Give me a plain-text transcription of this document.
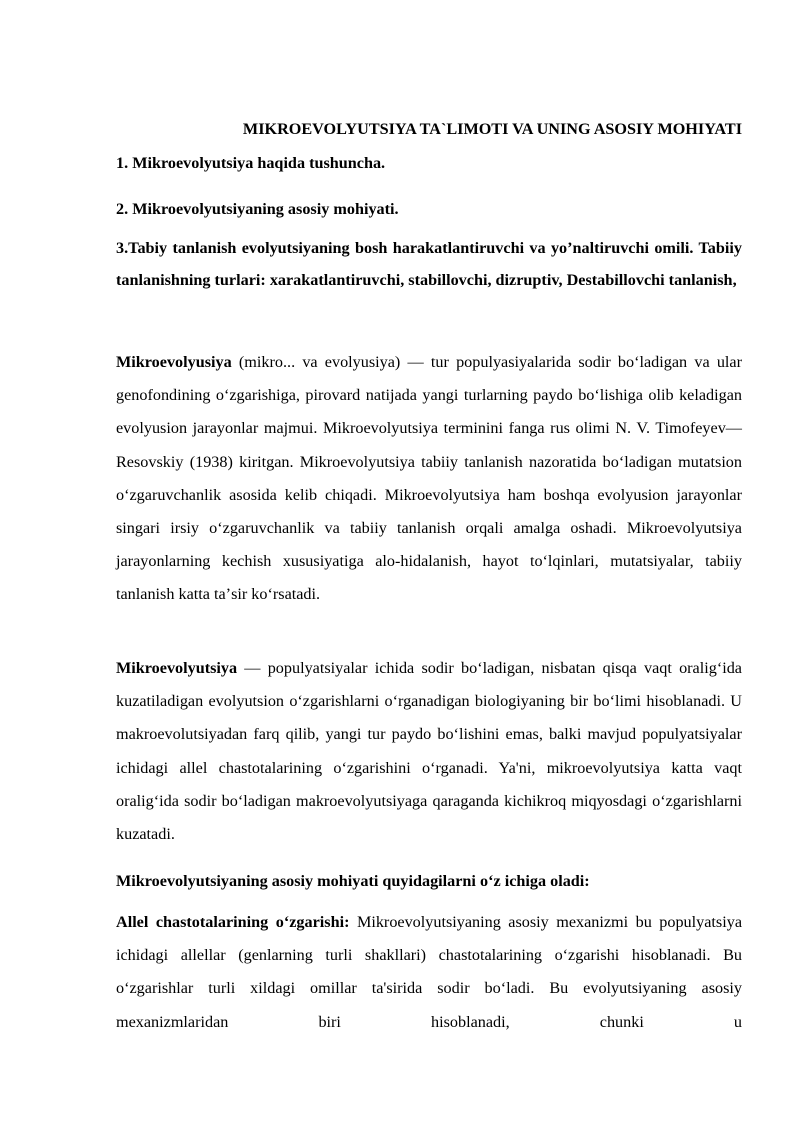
MIKROEVOLYUTSIYA TA`LIMOTI VA UNING ASOSIY MOHIYATI
1. Mikroevolyutsiya haqida tushuncha.
2. Mikroevolyutsiyaning asosiy mohiyati.

3.Tabiy tanlanish evolyutsiyaning bosh harakatlantiruvchi va yo’naltiruvchi omili. Tabiiy tanlanishning turlari: xarakatlantiruvchi, stabillovchi, dizruptiv, Destabillovchi tanlanish,

Mikroevolyusiya (mikro... va evolyusiya) — tur populyasiyalarida sodir boʻladigan va ular genofondining oʻzgarishiga, pirovard natijada yangi turlarning paydo boʻlishiga olib keladigan evolyusion jarayonlar majmui. Mikroevolyutsiya terminini fanga rus olimi N. V. Timofeyev—Resovskiy (1938) kiritgan. Mikroevolyutsiya tabiiy tanlanish nazoratida boʻladigan mutatsion oʻzgaruvchanlik asosida kelib chiqadi. Mikroevolyutsiya ham boshqa evolyusion jarayonlar singari irsiy oʻzgaruvchanlik va tabiiy tanlanish orqali amalga oshadi. Mikroevolyutsiya jarayonlarning kechish xususiyatiga alo-hidalanish, hayot toʻlqinlari, mutatsiyalar, tabiiy tanlanish katta taʼsir koʻrsatadi.

Mikroevolyutsiya — populyatsiyalar ichida sodir boʻladigan, nisbatan qisqa vaqt oraligʻida kuzatiladigan evolyutsion oʻzgarishlarni oʻrganadigan biologiyaning bir boʻlimi hisoblanadi. U makroevolutsiyadan farq qilib, yangi tur paydo boʻlishini emas, balki mavjud populyatsiyalar ichidagi allel chastotalarining oʻzgarishini oʻrganadi. Ya'ni, mikroevolyutsiya katta vaqt oraligʻida sodir boʻladigan makroevolyutsiyaga qaraganda kichikroq miqyosdagi oʻzgarishlarni kuzatadi.

Mikroevolyutsiyaning asosiy mohiyati quyidagilarni oʻz ichiga oladi:

Allel chastotalarining oʻzgarishi: Mikroevolyutsiyaning asosiy mexanizmi bu populyatsiya ichidagi allellar (genlarning turli shakllari) chastotalarining oʻzgarishi hisoblanadi. Bu oʻzgarishlar turli xildagi omillar ta'sirida sodir boʻladi. Bu evolyutsiyaning asosiy mexanizmlaridan biri hisoblanadi, chunki u
